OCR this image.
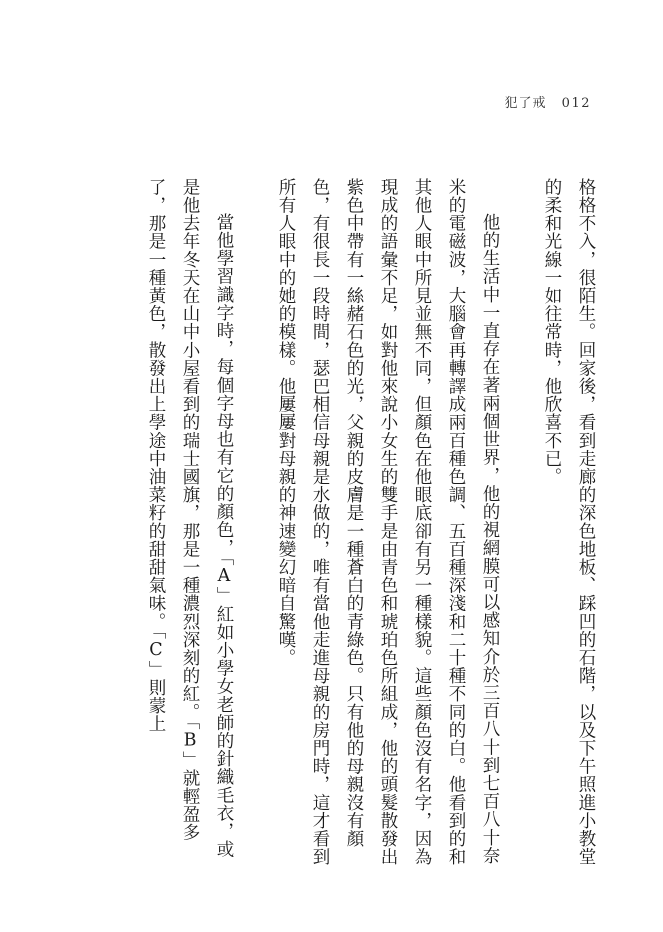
犯了戒 012

格格不入，很陌生。回家後，看到走廊的深色地板、踩凹的石階，以及下午照進小教堂的柔和光線一如往常時，他欣喜不已。

他的生活中一直存在著兩個世界，他的視網膜可以感知介於三百八十到七百八十奈米的電磁波，大腦會再轉譯成兩百種色調、五百種深淺和二十種不同的白。他看到的和其他人眼中所見並無不同，但顏色在他眼底卻有另一種樣貌。這些顏色沒有名字，因為現成的語彙不足，如對他來說小女生的雙手是由青色和琥珀色所組成，他的頭髮散發出紫色中帶有一絲赭石色的光，父親的皮膚是一種蒼白的青綠色。只有他的母親沒有顏色，有很長一段時間，瑟巴相信母親是水做的，唯有當他走進母親的房門時，這才看到所有人眼中的她的模樣。他屢屢對母親的神速變幻暗自驚嘆。

當他學習識字時，每個字母也有它的顏色，「A」紅如小學女老師的針織毛衣，或是他去年冬天在山中小屋看到的瑞士國旗，那是一種濃烈深刻的紅。「B」就輕盈多了，那是一種黃色，散發出上學途中油菜籽的甜甜氣味。「C」則蒙上
